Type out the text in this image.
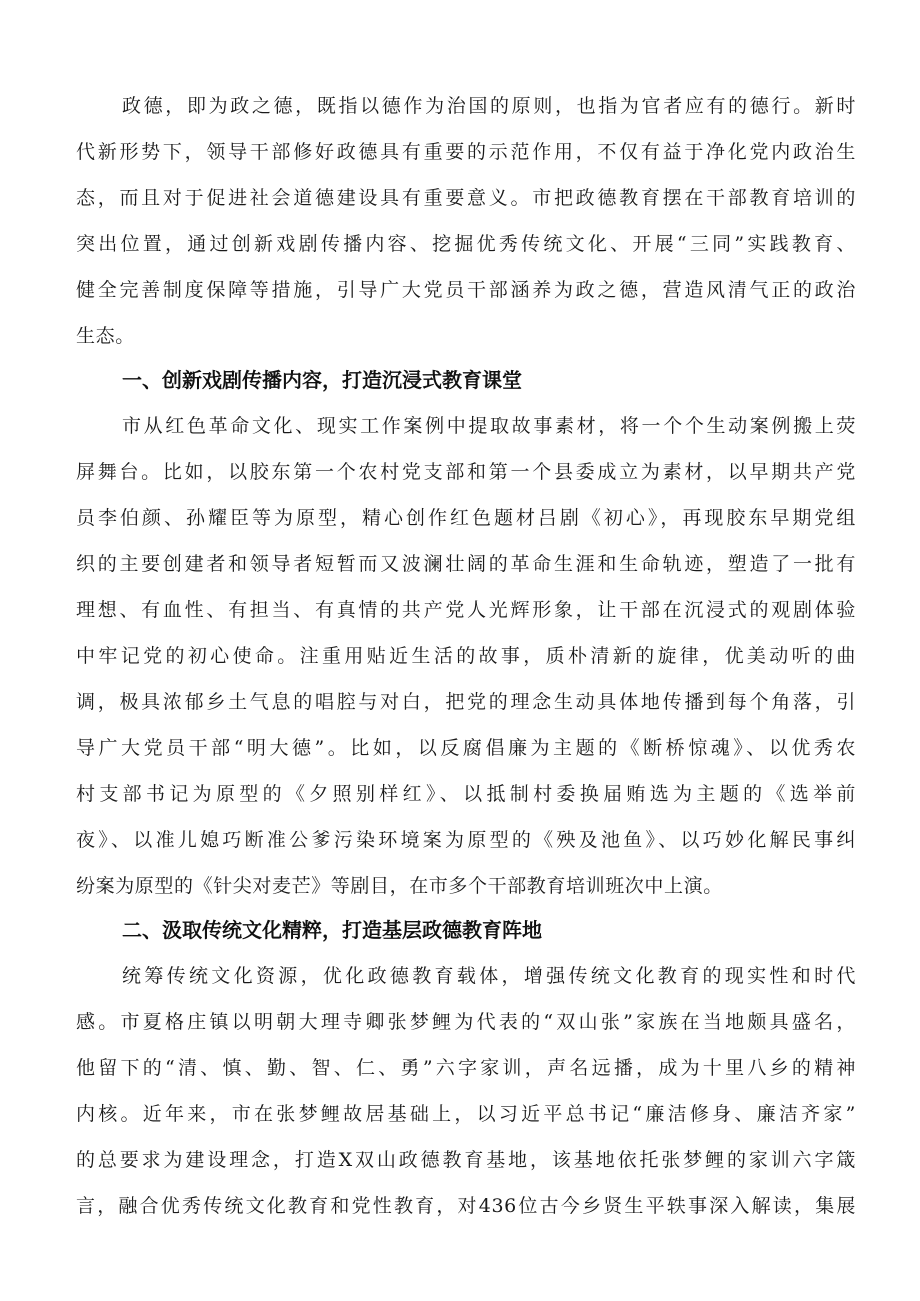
政德，即为政之德，既指以德作为治国的原则，也指为官者应有的德行。新时
代新形势下，领导干部修好政德具有重要的示范作用，不仅有益于净化党内政治生
态，而且对于促进社会道德建设具有重要意义。市把政德教育摆在干部教育培训的
突出位置，通过创新戏剧传播内容、挖掘优秀传统文化、开展“三同”实践教育、
健全完善制度保障等措施，引导广大党员干部涵养为政之德，营造风清气正的政治
生态。
一、创新戏剧传播内容，打造沉浸式教育课堂
市从红色革命文化、现实工作案例中提取故事素材，将一个个生动案例搬上荧
屏舞台。比如，以胶东第一个农村党支部和第一个县委成立为素材，以早期共产党
员李伯颜、孙耀臣等为原型，精心创作红色题材吕剧《初心》，再现胶东早期党组
织的主要创建者和领导者短暂而又波澜壮阔的革命生涯和生命轨迹，塑造了一批有
理想、有血性、有担当、有真情的共产党人光辉形象，让干部在沉浸式的观剧体验
中牢记党的初心使命。注重用贴近生活的故事，质朴清新的旋律，优美动听的曲
调，极具浓郁乡土气息的唱腔与对白，把党的理念生动具体地传播到每个角落，引
导广大党员干部“明大德”。比如，以反腐倡廉为主题的《断桥惊魂》、以优秀农
村支部书记为原型的《夕照别样红》、以抵制村委换届贿选为主题的《选举前
夜》、以准儿媳巧断准公爹污染环境案为原型的《殃及池鱼》、以巧妙化解民事纠
纷案为原型的《针尖对麦芒》等剧目，在市多个干部教育培训班次中上演。
二、汲取传统文化精粹，打造基层政德教育阵地
统筹传统文化资源，优化政德教育载体，增强传统文化教育的现实性和时代
感。市夏格庄镇以明朝大理寺卿张梦鲤为代表的“双山张”家族在当地颇具盛名，
他留下的“清、慎、勤、智、仁、勇”六字家训，声名远播，成为十里八乡的精神
内核。近年来，市在张梦鲤故居基础上，以习近平总书记“廉洁修身、廉洁齐家”
的总要求为建设理念，打造X双山政德教育基地，该基地依托张梦鲤的家训六字箴
言，融合优秀传统文化教育和党性教育，对436位古今乡贤生平轶事深入解读，集展
